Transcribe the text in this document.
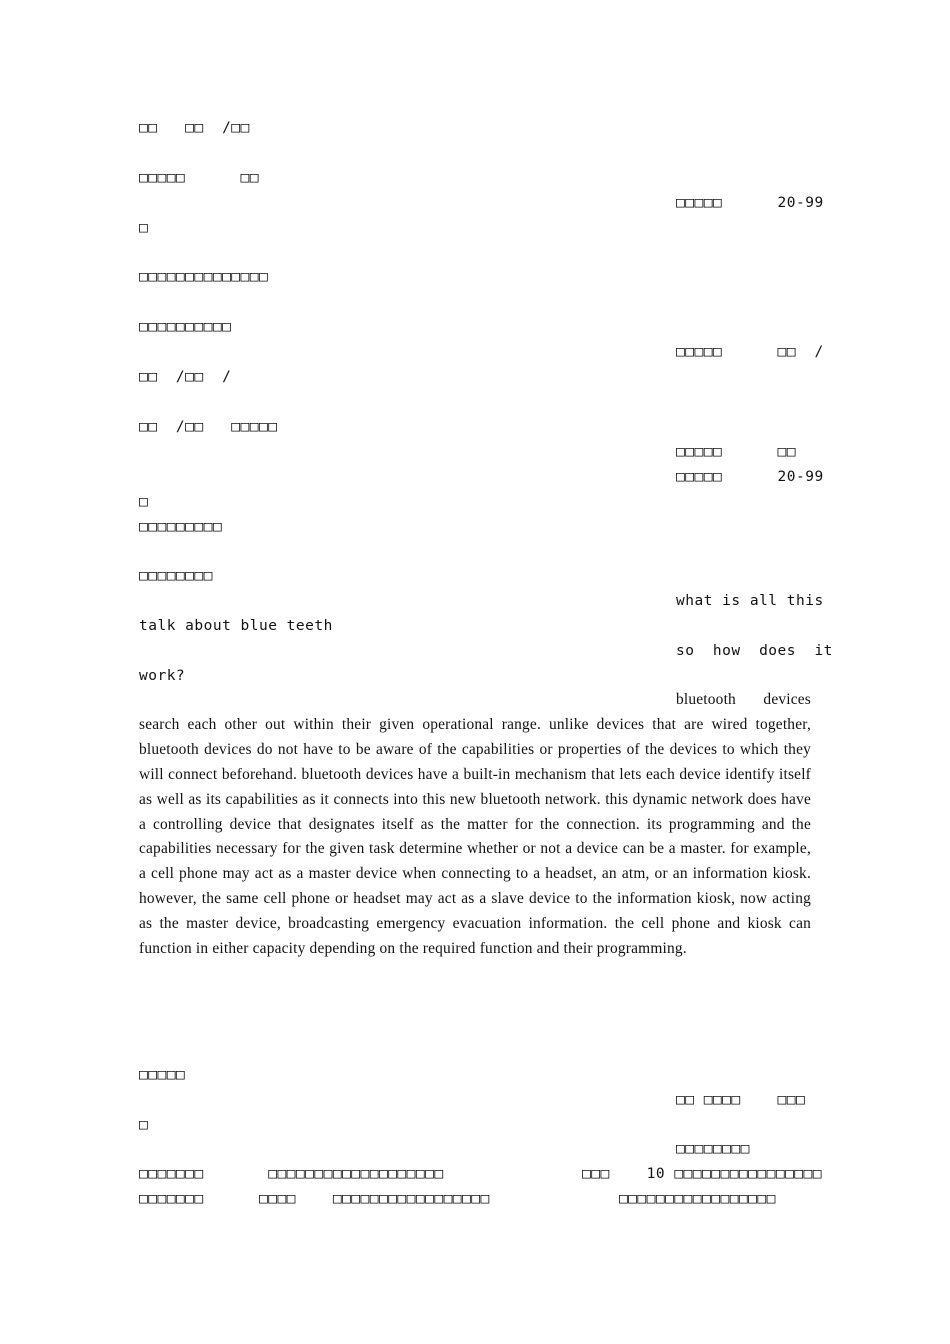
□□   □□  /□□
□□□□□      □□
□□□□□      20-99
□
□□□□□□□□□□□□□□
□□□□□□□□□□
□□□□□      □□  /
□□  /□□  /
□□  /□□   □□□□□
□□□□□      □□
□□□□□      20-99
□
□□□□□□□□□
□□□□□□□□
what is all this
talk about blue teeth
so  how  does  it
work?
bluetooth devices search each other out within their given operational range. unlike devices that are wired together, bluetooth devices do not have to be aware of the capabilities or properties of the devices to which they will connect beforehand. bluetooth devices have a built-in mechanism that lets each device identify itself as well as its capabilities as it connects into this new bluetooth network. this dynamic network does have a controlling device that designates itself as the matter for the connection. its programming and the capabilities necessary for the given task determine whether or not a device can be a master. for example, a cell phone may act as a master device when connecting to a headset, an atm, or an information kiosk. however, the same cell phone or headset may act as a slave device to the information kiosk, now acting as the master device, broadcasting emergency evacuation information. the cell phone and kiosk can function in either capacity depending on the required function and their programming.
□□□□□
□□ □□□□    □□□
□
□□□□□□□□
□□□□□□□       □□□□□□□□□□□□□□□□□□□               □□□    10 □□□□□□□□□□□□□□□□
□□□□□□□      □□□□    □□□□□□□□□□□□□□□□□              □□□□□□□□□□□□□□□□□
